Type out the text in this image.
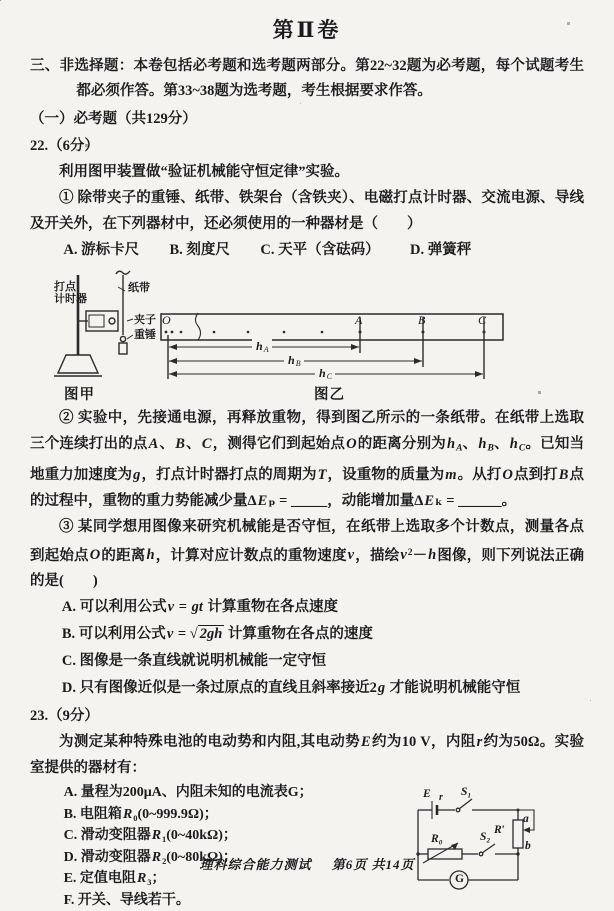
第Ⅱ卷

三、非选择题：本卷包括必考题和选考题两部分。第22~32题为必考题，每个试题考生都必须作答。第33~38题为选考题，考生根据要求作答。

（一）必考题（共129分）

22.（6分）

利用图甲装置做“验证机械能守恒定律”实验。

① 除带夹子的重锤、纸带、铁架台（含铁夹）、电磁打点计时器、交流电源、导线及开关外，在下列器材中，还必须使用的一种器材是（　　）

A. 游标卡尺 B. 刻度尺 C. 天平（含砝码） D. 弹簧秤
打点
计时器
纸带
夹子
重锤
O	A	B	C
hA
hB
hC
图甲	图乙

② 实验中，先接通电源，再释放重物，得到图乙所示的一条纸带。在纸带上选取三个连续打出的点A、B、C，测得它们到起始点O的距离分别为hA、hB、hC。已知当地重力加速度为g，打点计时器打点的周期为T，设重物的质量为m。从打O点到打B点的过程中，重物的重力势能减少量ΔEₚ = _____，动能增加量ΔEₖ = ______。

③ 某同学想用图像来研究机械能是否守恒，在纸带上选取多个计数点，测量各点到起始点O的距离h，计算对应计数点的重物速度v，描绘$v^2-h$图像，则下列说法正确的是(　　)

A. 可以利用公式v = gt 计算重物在各点速度
B. 可以利用公式v = √ 2gh 计算重物在各点的速度
C. 图像是一条直线就说明机械能一定守恒
D. 只有图像近似是一条过原点的直线且斜率接近2g 才能说明机械能守恒

23.（9分）

为测定某种特殊电池的电动势和内阻,其电动势E约为10 V，内阻r约为50Ω。实验室提供的器材有：

A. 量程为200μA、内阻未知的电流表G；
B. 电阻箱R₀(0~999.9Ω)；
C. 滑动变阻器R₁(0~40kΩ)；
D. 滑动变阻器R₂(0~80kΩ)；
E. 定值电阻R₃；
F. 开关、导线若干。
E r S₁
a
R′
b
R₀	S₂
G
理科综合能力测试 第6页 共14页
